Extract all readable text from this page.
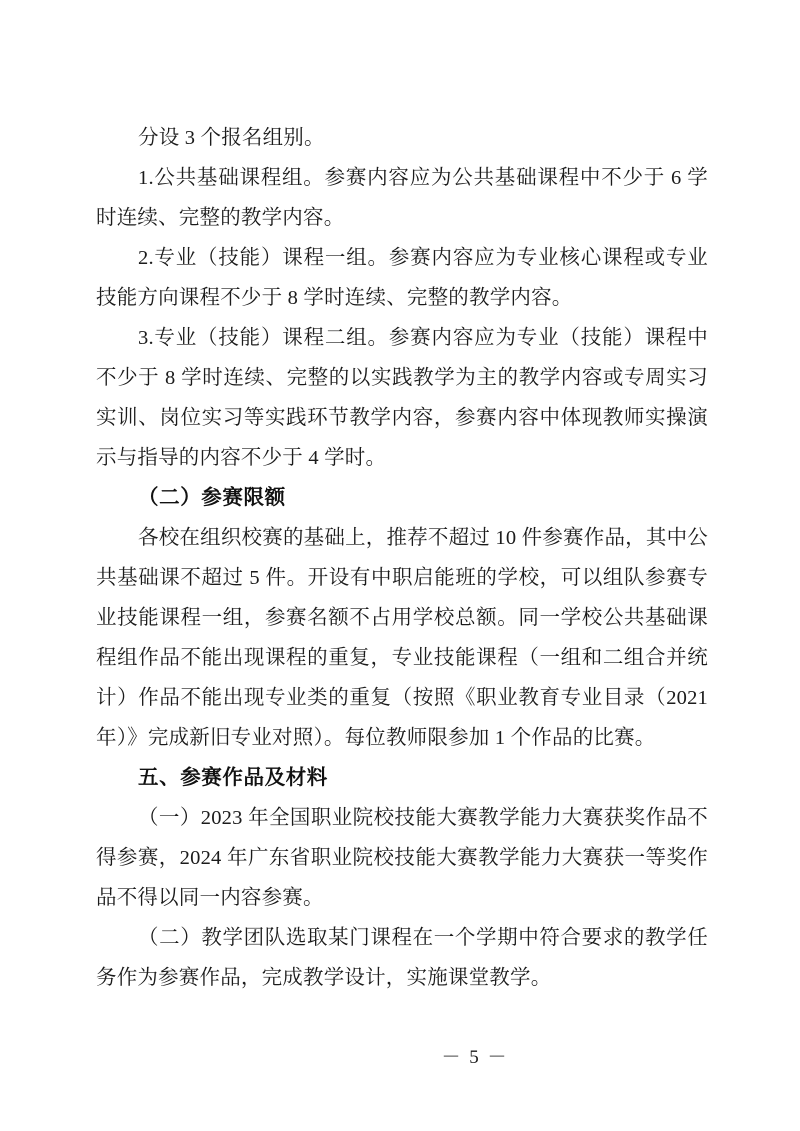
分设 3 个报名组别。

1.公共基础课程组。参赛内容应为公共基础课程中不少于 6 学时连续、完整的教学内容。

2.专业（技能）课程一组。参赛内容应为专业核心课程或专业技能方向课程不少于 8 学时连续、完整的教学内容。

3.专业（技能）课程二组。参赛内容应为专业（技能）课程中不少于 8 学时连续、完整的以实践教学为主的教学内容或专周实习实训、岗位实习等实践环节教学内容，参赛内容中体现教师实操演示与指导的内容不少于 4 学时。

（二）参赛限额

各校在组织校赛的基础上，推荐不超过 10 件参赛作品，其中公共基础课不超过 5 件。开设有中职启能班的学校，可以组队参赛专业技能课程一组，参赛名额不占用学校总额。同一学校公共基础课程组作品不能出现课程的重复，专业技能课程（一组和二组合并统计）作品不能出现专业类的重复（按照《职业教育专业目录（2021 年）》完成新旧专业对照）。每位教师限参加 1 个作品的比赛。

五、参赛作品及材料

（一）2023 年全国职业院校技能大赛教学能力大赛获奖作品不得参赛，2024 年广东省职业院校技能大赛教学能力大赛获一等奖作品不得以同一内容参赛。

（二）教学团队选取某门课程在一个学期中符合要求的教学任务作为参赛作品，完成教学设计，实施课堂教学。

－ 5 －
